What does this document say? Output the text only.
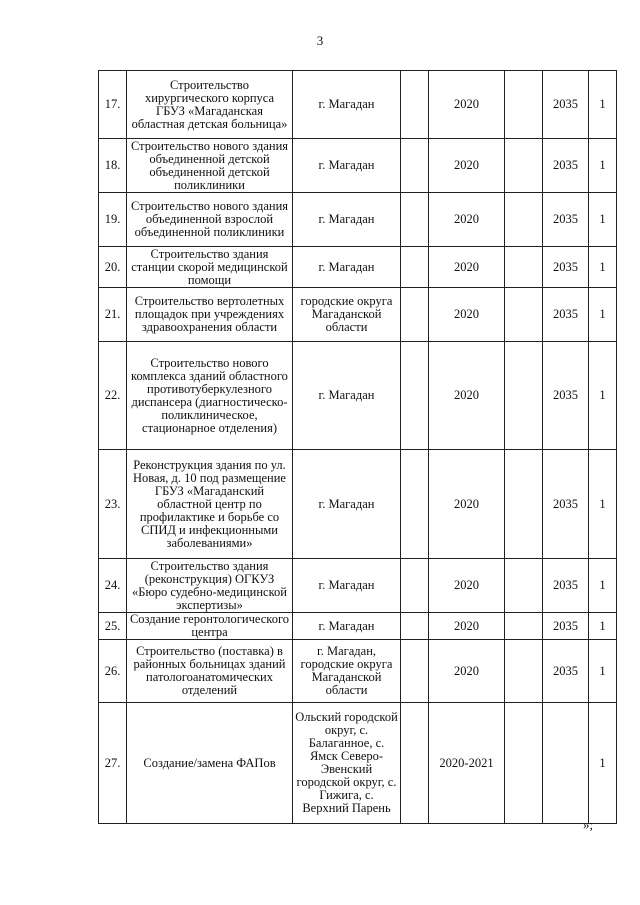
3
17.	Строительство хирургического корпуса ГБУЗ «Магаданская областная детская больница»	г. Магадан		2020		2035	1
18.	Строительство нового здания объединенной детской объединенной детской поликлиники	г. Магадан		2020		2035	1
19.	Строительство нового здания объединенной взрослой объединенной поликлиники	г. Магадан		2020		2035	1
20.	Строительство здания станции скорой медицинской помощи	г. Магадан		2020		2035	1
21.	Строительство вертолетных площадок при учреждениях здравоохранения области	городские округа Магаданской области		2020		2035	1
22.	Строительство нового комплекса зданий областного противотуберкулезного диспансера (диагностическо-поликлиническое, стационарное отделения)	г. Магадан		2020		2035	1
23.	Реконструкция здания по ул. Новая, д. 10 под размещение ГБУЗ «Магаданский областной центр по профилактике и борьбе со СПИД и инфекционными заболеваниями»	г. Магадан		2020		2035	1
24.	Строительство здания (реконструкция) ОГКУЗ «Бюро судебно-медицинской экспертизы»	г. Магадан		2020		2035	1
25.	Создание геронтологического центра	г. Магадан		2020		2035	1
26.	Строительство (поставка) в районных больницах зданий патологоанатомических отделений	г. Магадан, городские округа Магаданской области		2020		2035	1
27.	Создание/замена ФАПов	Ольский городской округ, с. Балаганное, с. Ямск Северо-Эвенский городской округ, с. Гижига, с. Верхний Парень		2020-2021			1
»;
